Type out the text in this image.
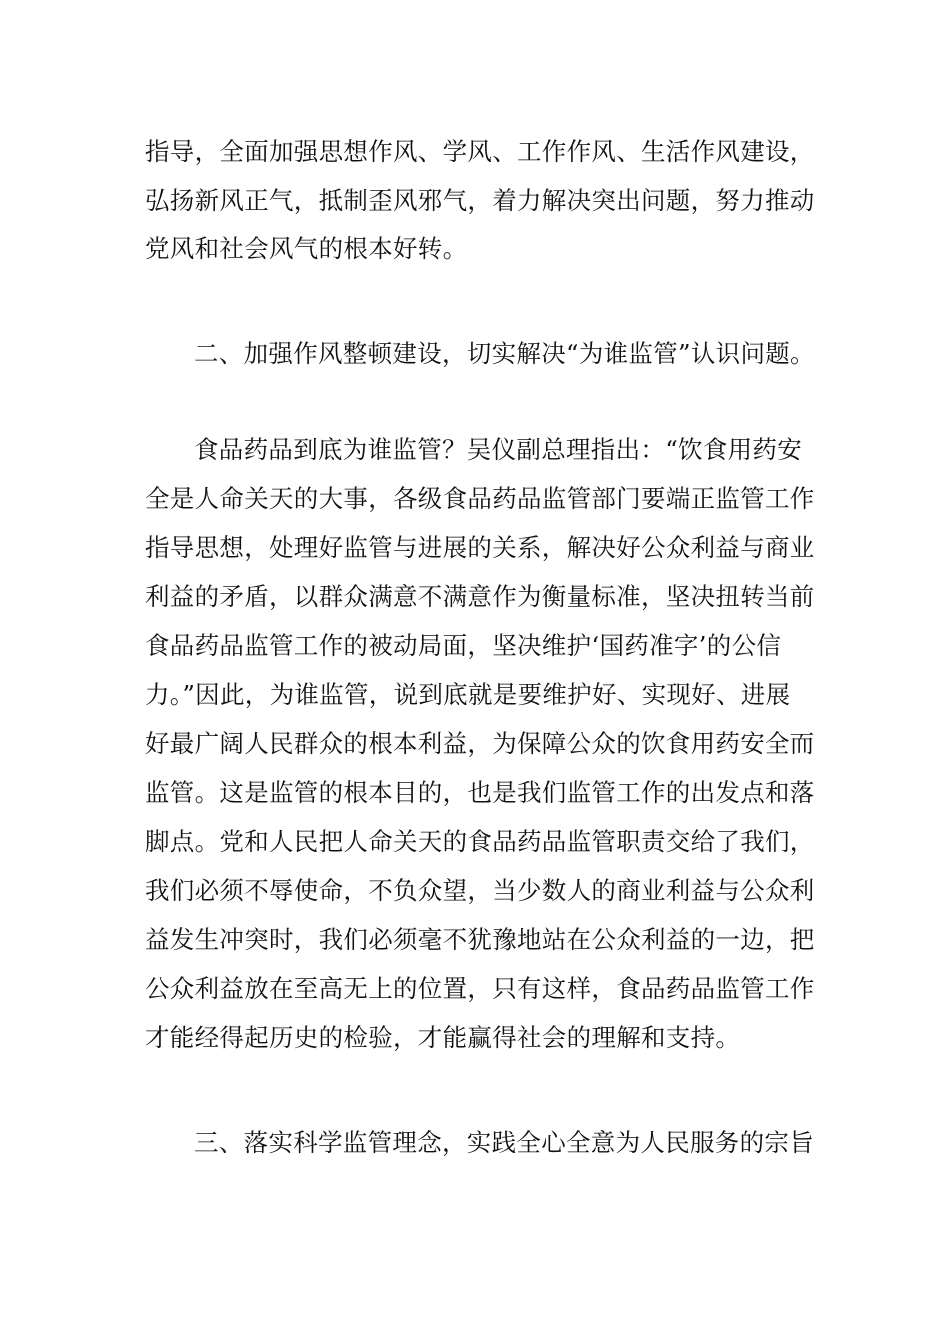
指导，全面加强思想作风、学风、工作作风、生活作风建设，
弘扬新风正气，抵制歪风邪气，着力解决突出问题，努力推动
党风和社会风气的根本好转。
二、加强作风整顿建设，切实解决“为谁监管”认识问题。
食品药品到底为谁监管？吴仪副总理指出：“饮食用药安
全是人命关天的大事，各级食品药品监管部门要端正监管工作
指导思想，处理好监管与进展的关系，解决好公众利益与商业
利益的矛盾，以群众满意不满意作为衡量标准，坚决扭转当前
食品药品监管工作的被动局面，坚决维护‘国药准字’的公信
力。”因此，为谁监管，说到底就是要维护好、实现好、进展
好最广阔人民群众的根本利益，为保障公众的饮食用药安全而
监管。这是监管的根本目的，也是我们监管工作的出发点和落
脚点。党和人民把人命关天的食品药品监管职责交给了我们，
我们必须不辱使命，不负众望，当少数人的商业利益与公众利
益发生冲突时，我们必须毫不犹豫地站在公众利益的一边，把
公众利益放在至高无上的位置，只有这样，食品药品监管工作
才能经得起历史的检验，才能赢得社会的理解和支持。
三、落实科学监管理念，实践全心全意为人民服务的宗旨
